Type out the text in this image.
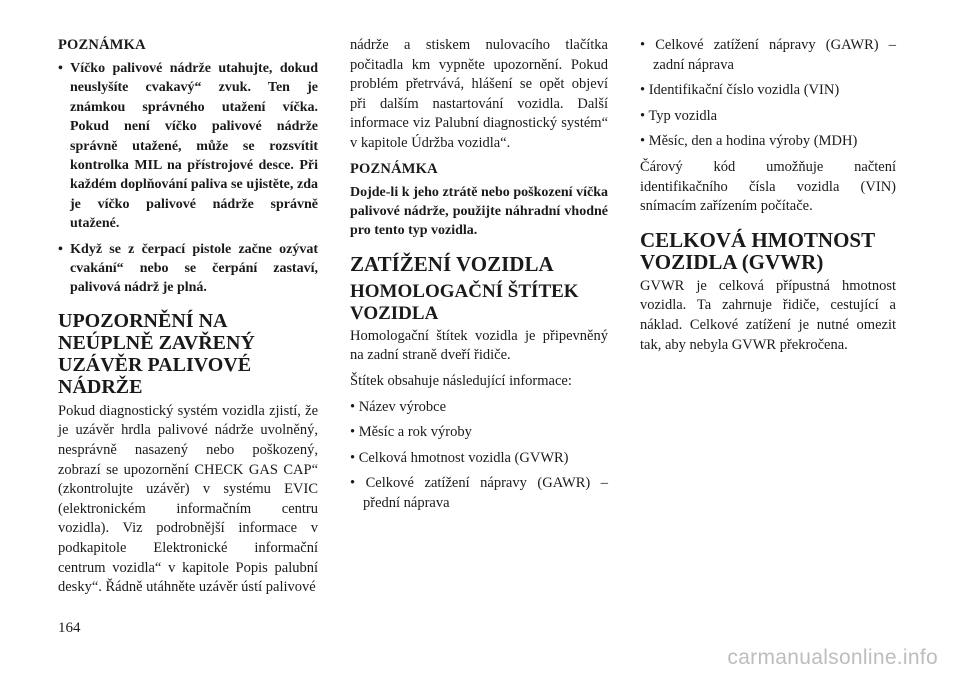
POZNÁMKA
• Víčko palivové nádrže utahujte, dokud neuslyšíte cvakavý“ zvuk. Ten je známkou správného utažení víčka. Pokud není víčko palivové nádrže správně utažené, může se rozsvítit kontrolka MIL na přístrojové desce. Při každém doplňování paliva se ujistěte, zda je víčko palivové nádrže správně utažené.
• Když se z čerpací pistole začne ozývat cvakání“ nebo se čerpání zastaví, palivová nádrž je plná.
UPOZORNĚNÍ NA NEÚPLNĚ ZAVŘENÝ UZÁVĚR PALIVOVÉ NÁDRŽE

Pokud diagnostický systém vozidla zjistí, že je uzávěr hrdla palivové nádrže uvolněný, nesprávně nasazený nebo poškozený, zobrazí se upozornění CHECK GAS CAP“ (zkontrolujte uzávěr) v systému EVIC (elektronickém informačním centru vozidla). Viz podrobnější informace v podkapitole Elektronické informační centrum vozidla“ v kapitole Popis palubní desky“. Řádně utáhněte uzávěr ústí palivové

nádrže a stiskem nulovacího tlačítka počitadla km vypněte upozornění. Pokud problém přetrvává, hlášení se opět objeví při dalším nastartování vozidla. Další informace viz Palubní diagnostický systém“ v kapitole Údržba vozidla“.

POZNÁMKA

Dojde-li k jeho ztrátě nebo poškození víčka palivové nádrže, použijte náhradní vhodné pro tento typ vozidla.

ZATÍŽENÍ VOZIDLA
HOMOLOGAČNÍ ŠTÍTEK VOZIDLA

Homologační štítek vozidla je připevněný na zadní straně dveří řidiče.

Štítek obsahuje následující informace:

• Název výrobce
• Měsíc a rok výroby
• Celková hmotnost vozidla (GVWR)
• Celkové zatížení nápravy (GAWR) – přední náprava
• Celkové zatížení nápravy (GAWR) – zadní náprava
• Identifikační číslo vozidla (VIN)
• Typ vozidla
• Měsíc, den a hodina výroby (MDH)

Čárový kód umožňuje načtení identifikačního čísla vozidla (VIN) snímacím zařízením počítače.

CELKOVÁ HMOTNOST VOZIDLA (GVWR)

GVWR je celková přípustná hmotnost vozidla. Ta zahrnuje řidiče, cestující a náklad. Celkové zatížení je nutné omezit tak, aby nebyla GVWR překročena.

164
carmanualsonline.info
